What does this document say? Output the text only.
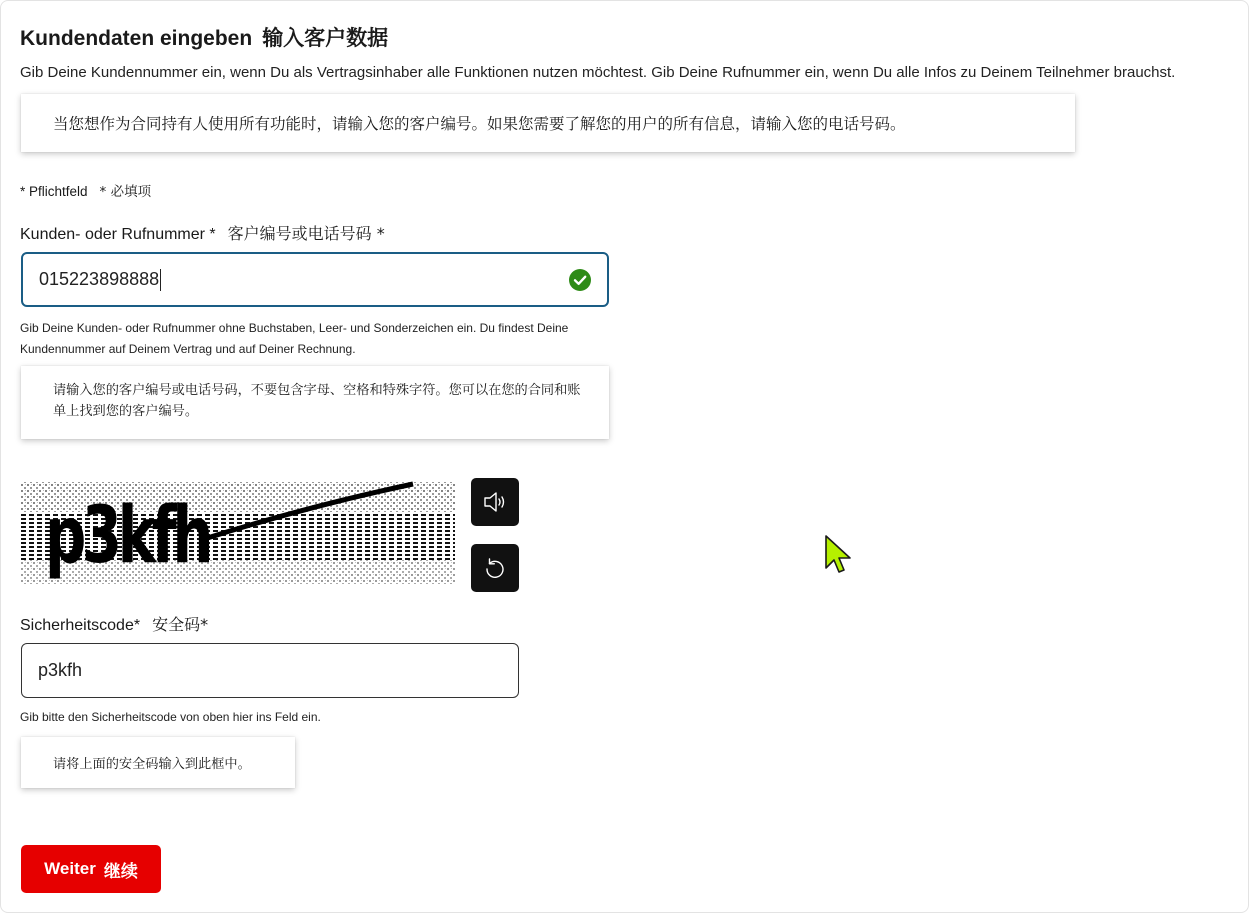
Kundendaten eingeben 输入客户数据
Gib Deine Kundennummer ein, wenn Du als Vertragsinhaber alle Funktionen nutzen möchtest. Gib Deine Rufnummer ein, wenn Du alle Infos zu Deinem Teilnehmer brauchst.
当您想作为合同持有人使用所有功能时，请输入您的客户编号。如果您需要了解您的用户的所有信息，请输入您的电话号码。
* Pflichtfeld * 必填项
Kunden- oder Rufnummer * 客户编号或电话号码 *
015223898888
Gib Deine Kunden- oder Rufnummer ohne Buchstaben, Leer- und Sonderzeichen ein. Du findest Deine Kundennummer auf Deinem Vertrag und auf Deiner Rechnung.
请输入您的客户编号或电话号码，不要包含字母、空格和特殊字符。您可以在您的合同和账单上找到您的客户编号。
p3kfh
Sicherheitscode* 安全码*
p3kfh
Gib bitte den Sicherheitscode von oben hier ins Feld ein.
请将上面的安全码输入到此框中。
Weiter 继续
